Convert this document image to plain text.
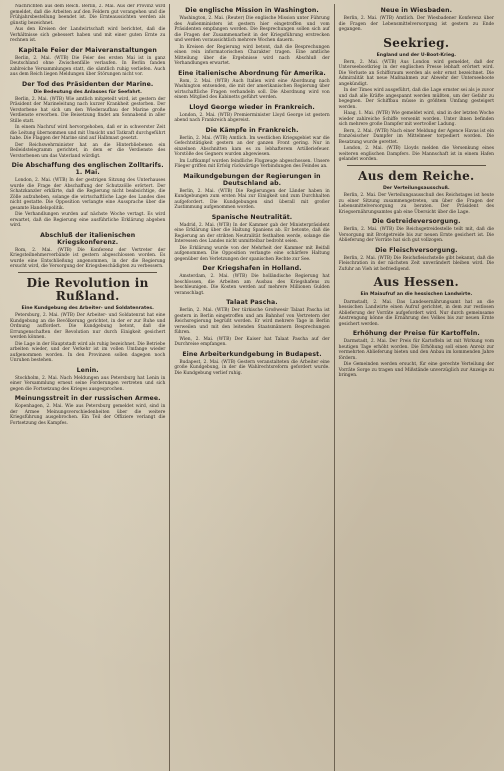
Nachrichten aus dem Reich. Berlin, 2. Mai. Aus der Provinz wird gemeldet, daß die Arbeiten auf den Feldern gut vorangehen und die Frühjahrsbestellung beendet ist. Die Ernteaussichten werden als günstig bezeichnet.
Aus den Kreisen der Landwirtschaft wird berichtet, daß die Verhältnisse sich gebessert haben und mit einer guten Ernte zu rechnen ist.
Kapitale Feier der Maiveranstaltungen
Berlin, 2. Mai. (WTB) Die Feier des ersten Mai ist in ganz Deutschland ohne Zwischenfälle verlaufen. In Berlin fanden zahlreiche Versammlungen statt, die sämtlich ruhig verliefen. Auch aus dem Reich liegen Meldungen über Störungen nicht vor.
Der Tod des Präsidenten der Marine.
Die Bedeutung des Anlasses für Seefahrt.
Berlin, 2. Mai. (WTB) Wie amtlich mitgeteilt wird, ist gestern der Präsident der Marineleitung nach kurzer Krankheit gestorben. Der Verstorbene hat sich um den Wiederaufbau der Marine große Verdienste erworben. Die Beisetzung findet am Sonnabend in aller Stille statt.
In einem Nachruf wird hervorgehoben, daß er in schwerster Zeit die Leitung übernommen und mit Umsicht und Tatkraft durchgeführt habe. Die Flaggen der Marine sind auf Halbmast gesetzt.
Der Reichswehrminister hat an die Hinterbliebenen ein Beileidstelegramm gerichtet, in dem er die Verdienste des Verstorbenen um das Vaterland würdigt.
Die Abschaffung des englischen Zolltarifs. 1. Mai.
London, 2. Mai. (WTB) In der gestrigen Sitzung des Unterhauses wurde die Frage der Abschaffung der Schutzzölle erörtert. Der Schatzkanzler erklärte, daß die Regierung nicht beabsichtige, die Zölle aufzuheben, solange die wirtschaftliche Lage des Landes dies nicht gestatte. Die Opposition verlangte eine Aussprache über die gesamte Handelspolitik.
Die Verhandlungen wurden auf nächste Woche vertagt. Es wird erwartet, daß die Regierung eine ausführliche Erklärung abgeben wird.
Abschluß der italienischen Kriegskonferenz.
Rom, 2. Mai. (WTB) Die Konferenz der Vertreter der Kriegsteilnehmerverbände ist gestern abgeschlossen worden. Es wurde eine Entschließung angenommen, in der die Regierung ersucht wird, die Versorgung der Kriegsbeschädigten zu verbessern.
Die Revolution in Rußland.
Eine Kundgebung des Arbeiter- und Soldatenrates.
Petersburg, 2. Mai. (WTB) Der Arbeiter- und Soldatenrat hat eine Kundgebung an die Bevölkerung gerichtet, in der er zur Ruhe und Ordnung auffordert. Die Kundgebung betont, daß die Errungenschaften der Revolution nur durch Einigkeit gesichert werden können.
Die Lage in der Hauptstadt wird als ruhig bezeichnet. Die Betriebe arbeiten wieder, und der Verkehr ist im vollen Umfange wieder aufgenommen worden. In den Provinzen sollen dagegen noch Unruhen bestehen.
Lenin.
Stockholm, 2. Mai. Nach Meldungen aus Petersburg hat Lenin in einer Versammlung erneut seine Forderungen vertreten und sich gegen die Fortsetzung des Krieges ausgesprochen.
Meinungsstreit in der russischen Armee.
Kopenhagen, 2. Mai. Wie aus Petersburg gemeldet wird, sind in der Armee Meinungsverschiedenheiten über die weitere Kriegsführung ausgebrochen. Ein Teil der Offiziere verlangt die Fortsetzung des Kampfes.
Die englische Mission in Washington.
Washington, 2. Mai. (Reuter) Die englische Mission unter Führung des Außenministers ist gestern hier eingetroffen und vom Präsidenten empfangen worden. Die Besprechungen sollen sich auf die Fragen der Zusammenarbeit in der Kriegsführung erstrecken und werden voraussichtlich mehrere Wochen dauern.
In Kreisen der Regierung wird betont, daß die Besprechungen einen rein informatorischen Charakter tragen. Eine amtliche Mitteilung über die Ergebnisse wird nach Abschluß der Verhandlungen erwartet.
Eine italienische Abordnung für Amerika.
Rom, 2. Mai. (WTB) Auch Italien wird eine Abordnung nach Washington entsenden, die mit der amerikanischen Regierung über wirtschaftliche Fragen verhandeln soll. Die Abordnung wird von einem Mitglied des Kabinetts geführt werden.
Lloyd George wieder in Frankreich.
London, 2. Mai. (WTB) Premierminister Lloyd George ist gestern abend nach Frankreich abgereist.
Die Kämpfe in Frankreich.
Berlin, 2. Mai. (WTB) Amtlich. Im westlichen Kriegsgebiet war die Gefechtstätigkeit gestern an der ganzen Front gering. Nur in einzelnen Abschnitten kam es zu lebhafterem Artilleriefeuer. Vorstöße des Gegners wurden abgewiesen.
Im Luftkampf wurden feindliche Flugzeuge abgeschossen. Unsere Flieger griffen mit Erfolg rückwärtige Verbindungen des Feindes an.
Maikundgebungen der Regierungen in Deutschland ab.
Berlin, 2. Mai. (WTB) Die Regierungen der Länder haben in Kundgebungen zum ersten Mai zur Einigkeit und zum Durchhalten aufgefordert. Die Kundgebungen sind überall mit großer Zustimmung aufgenommen worden.
Spanische Neutralität.
Madrid, 2. Mai. (WTB) In der Kammer gab der Ministerpräsident eine Erklärung über die Haltung Spaniens ab. Er betonte, daß die Regierung an der strikten Neutralität festhalten werde, solange die Interessen des Landes nicht unmittelbar bedroht seien.
Die Erklärung wurde von der Mehrheit der Kammer mit Beifall aufgenommen. Die Opposition verlangte eine schärfere Haltung gegenüber den Verletzungen der spanischen Rechte zur See.
Der Kriegshafen in Holland.
Amsterdam, 2. Mai. (WTB) Die holländische Regierung hat beschlossen, die Arbeiten am Ausbau des Kriegshafens zu beschleunigen. Die Kosten werden auf mehrere Millionen Gulden veranschlagt.
Talaat Pascha.
Berlin, 2. Mai. (WTB) Der türkische Großwesir Talaat Pascha ist gestern in Berlin eingetroffen und am Bahnhof von Vertretern der Reichsregierung begrüßt worden. Er wird mehrere Tage in Berlin verweilen und mit den leitenden Staatsmännern Besprechungen führen.
Wien, 2. Mai. (WTB) Der Kaiser hat Talaat Pascha auf der Durchreise empfangen.
Eine Arbeiterkundgebung in Budapest.
Budapest, 2. Mai. (WTB) Gestern veranstalteten die Arbeiter eine große Kundgebung, in der die Wahlrechtsreform gefordert wurde. Die Kundgebung verlief ruhig.
Neue in Wiesbaden.
Berlin, 2. Mai. (WTB) Amtlich. Der Wiesbadener Konferenz über die Fragen der Lebensmittelversorgung ist gestern zu Ende gegangen.
Seekrieg.
England und der U-Boot-Krieg.
Bern, 2. Mai. (WTB) Aus London wird gemeldet, daß der Unterseebootkrieg in der englischen Presse lebhaft erörtert wird. Die Verluste an Schiffsraum werden als sehr ernst bezeichnet. Die Admiralität hat neue Maßnahmen zur Abwehr der Unterseeboote angekündigt.
In der Times wird ausgeführt, daß die Lage ernster sei als je zuvor und daß alle Kräfte angespannt werden müßten, um der Gefahr zu begegnen. Der Schiffbau müsse in größtem Umfang gesteigert werden.
Haag, 1. Mai. (WTB) Wie gemeldet wird, sind in der letzten Woche wieder zahlreiche Schiffe versenkt worden. Unter ihnen befinden sich mehrere große Dampfer mit wertvoller Ladung.
Bern, 2. Mai. (WTB) Nach einer Meldung der Agence Havas ist ein französischer Dampfer im Mittelmeer torpediert worden. Die Besatzung wurde gerettet.
London, 2. Mai. (WTB) Lloyds melden die Versenkung eines weiteren englischen Dampfers. Die Mannschaft ist in einem Hafen gelandet worden.
Aus dem Reiche.
Der Verteilungsausschuß.
Berlin, 2. Mai. Der Verteilungsausschuß des Reichstages ist heute zu einer Sitzung zusammengetreten, um über die Fragen der Lebensmittelversorgung zu beraten. Der Präsident des Kriegsernährungsamtes gab eine Übersicht über die Lage.
Die Getreideversorgung.
Berlin, 2. Mai. (WTB) Die Reichsgetreidestelle teilt mit, daß die Versorgung mit Brotgetreide bis zur neuen Ernte gesichert ist. Die Ablieferung der Vorräte hat sich gut vollzogen.
Die Fleischversorgung.
Berlin, 2. Mai. (WTB) Die Reichsfleischstelle gibt bekannt, daß die Fleischration in der nächsten Zeit unverändert bleiben wird. Die Zufuhr an Vieh ist befriedigend.
Aus Hessen.
Ein Maiaufruf an die hessischen Landwirte.
Darmstadt, 2. Mai. Das Landesernährungsamt hat an die hessischen Landwirte einen Aufruf gerichtet, in dem zur restlosen Ablieferung der Vorräte aufgefordert wird. Nur durch gemeinsame Anstrengung könne die Ernährung des Volkes bis zur neuen Ernte gesichert werden.
Erhöhung der Preise für Kartoffeln.
Darmstadt, 2. Mai. Der Preis für Kartoffeln ist mit Wirkung vom heutigen Tage erhöht worden. Die Erhöhung soll einen Anreiz zur vermehrten Ablieferung bieten und den Anbau im kommenden Jahre fördern.
Die Gemeinden werden ersucht, für eine gerechte Verteilung der Vorräte Sorge zu tragen und Mißstände unverzüglich zur Anzeige zu bringen.
